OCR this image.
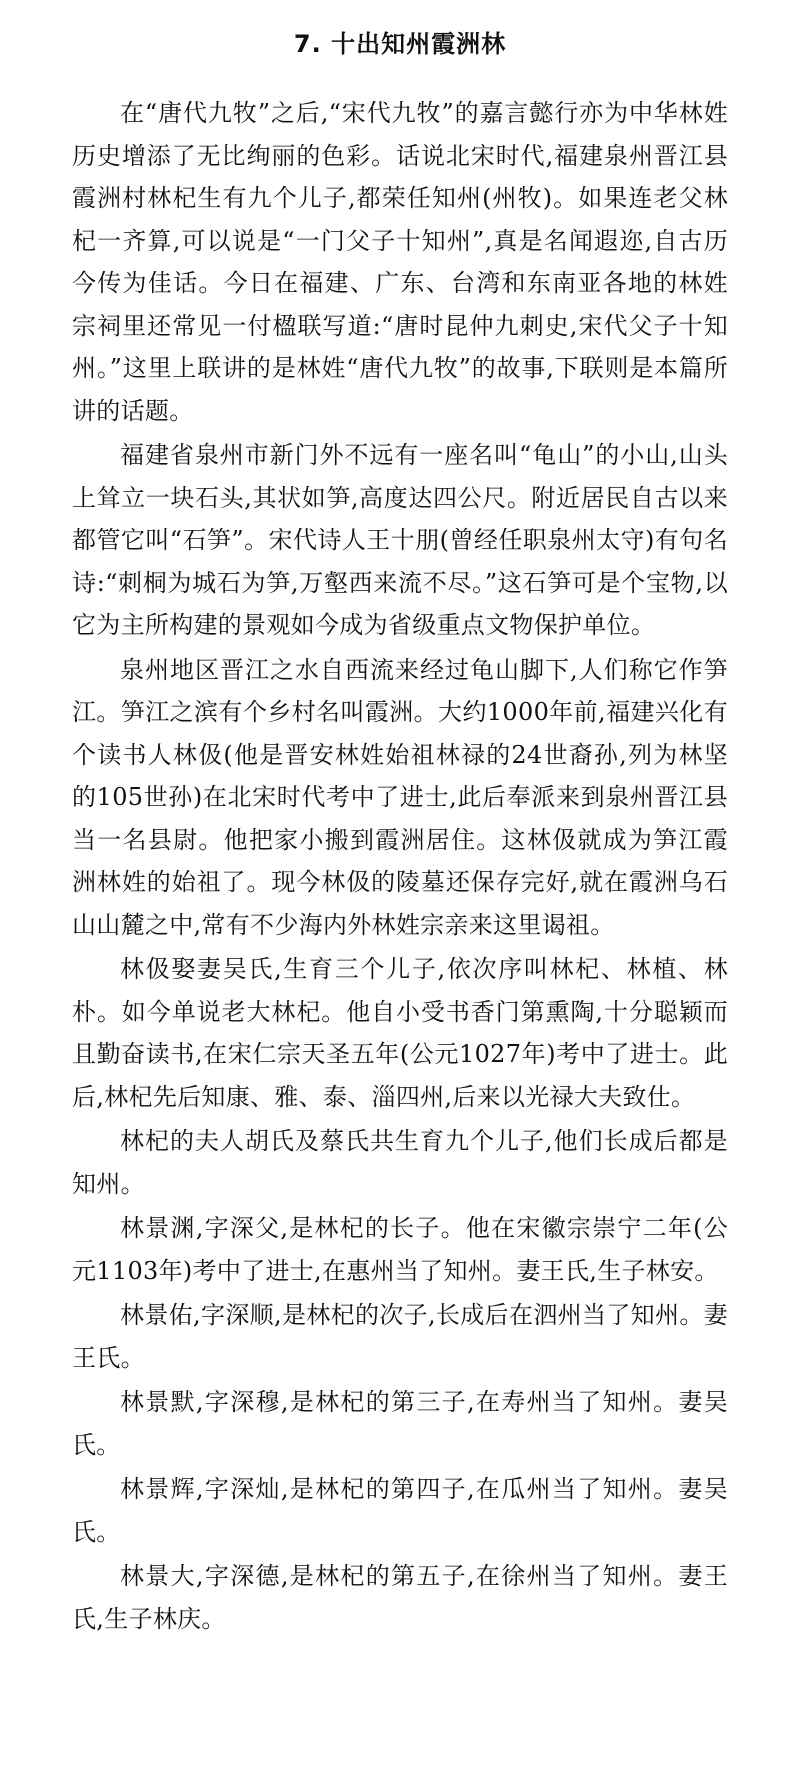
7. 十出知州霞洲林

在“唐代九牧”之后,“宋代九牧”的嘉言懿行亦为中华林姓历史增添了无比绚丽的色彩。话说北宋时代,福建泉州晋江县霞洲村林杞生有九个儿子,都荣任知州(州牧)。如果连老父林杞一齐算,可以说是“一门父子十知州”,真是名闻遐迩,自古历今传为佳话。今日在福建、广东、台湾和东南亚各地的林姓宗祠里还常见一付楹联写道:“唐时昆仲九刺史,宋代父子十知州。”这里上联讲的是林姓“唐代九牧”的故事,下联则是本篇所讲的话题。

福建省泉州市新门外不远有一座名叫“龟山”的小山,山头上耸立一块石头,其状如笋,高度达四公尺。附近居民自古以来都管它叫“石笋”。宋代诗人王十朋(曾经任职泉州太守)有句名诗:“刺桐为城石为笋,万壑西来流不尽。”这石笋可是个宝物,以它为主所构建的景观如今成为省级重点文物保护单位。

泉州地区晋江之水自西流来经过龟山脚下,人们称它作笋江。笋江之滨有个乡村名叫霞洲。大约1000年前,福建兴化有个读书人林伋(他是晋安林姓始祖林禄的24世裔孙,列为林坚的105世孙)在北宋时代考中了进士,此后奉派来到泉州晋江县当一名县尉。他把家小搬到霞洲居住。这林伋就成为笋江霞洲林姓的始祖了。现今林伋的陵墓还保存完好,就在霞洲乌石山山麓之中,常有不少海内外林姓宗亲来这里谒祖。

林伋娶妻吴氏,生育三个儿子,依次序叫林杞、林植、林朴。如今单说老大林杞。他自小受书香门第熏陶,十分聪颖而且勤奋读书,在宋仁宗天圣五年(公元1027年)考中了进士。此后,林杞先后知康、雅、泰、淄四州,后来以光禄大夫致仕。

林杞的夫人胡氏及蔡氏共生育九个儿子,他们长成后都是知州。

林景渊,字深父,是林杞的长子。他在宋徽宗崇宁二年(公元1103年)考中了进士,在惠州当了知州。妻王氏,生子林安。

林景佑,字深顺,是林杞的次子,长成后在泗州当了知州。妻王氏。

林景默,字深穆,是林杞的第三子,在寿州当了知州。妻吴氏。

林景辉,字深灿,是林杞的第四子,在瓜州当了知州。妻吴氏。

林景大,字深德,是林杞的第五子,在徐州当了知州。妻王氏,生子林庆。
